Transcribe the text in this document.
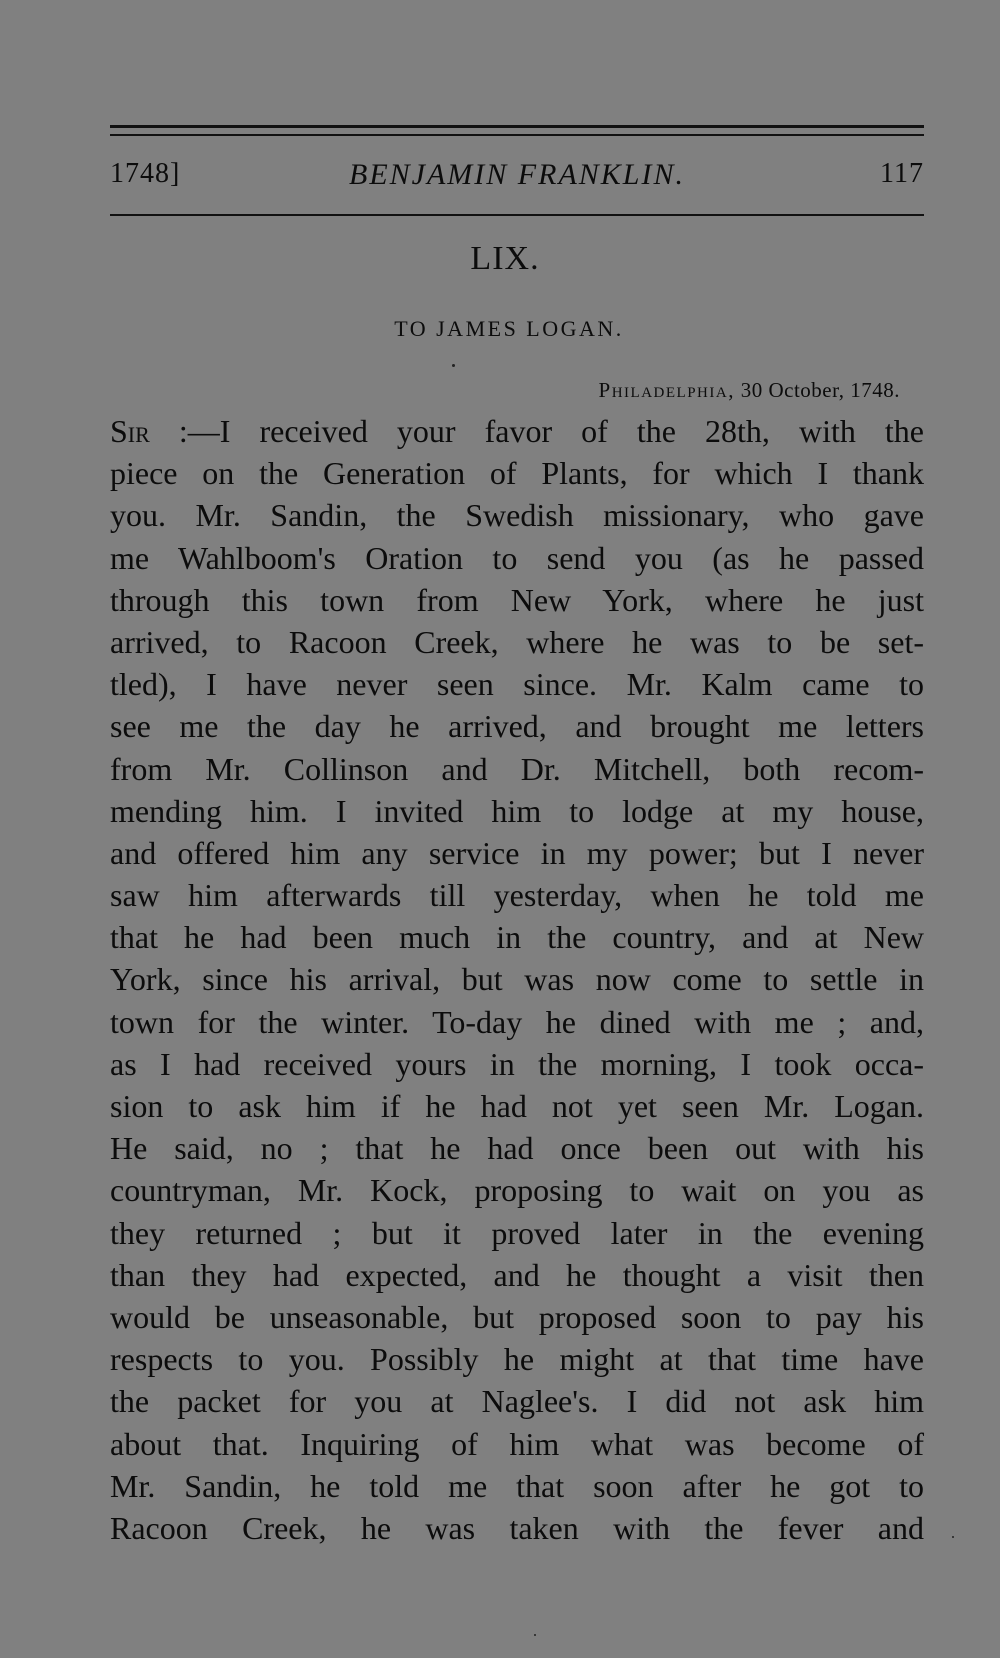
1748]	BENJAMIN FRANKLIN.	117
LIX.
TO JAMES LOGAN.
Philadelphia, 30 October, 1748.
Sir :—I received your favor of the 28th, with the
piece on the Generation of Plants, for which I thank
you. Mr. Sandin, the Swedish missionary, who gave
me Wahlboom's Oration to send you (as he passed
through this town from New York, where he just
arrived, to Racoon Creek, where he was to be set-
tled), I have never seen since. Mr. Kalm came to
see me the day he arrived, and brought me letters
from Mr. Collinson and Dr. Mitchell, both recom-
mending him. I invited him to lodge at my house,
and offered him any service in my power; but I never
saw him afterwards till yesterday, when he told me
that he had been much in the country, and at New
York, since his arrival, but was now come to settle in
town for the winter. To-day he dined with me ; and,
as I had received yours in the morning, I took occa-
sion to ask him if he had not yet seen Mr. Logan.
He said, no ; that he had once been out with his
countryman, Mr. Kock, proposing to wait on you as
they returned ; but it proved later in the evening
than they had expected, and he thought a visit then
would be unseasonable, but proposed soon to pay his
respects to you. Possibly he might at that time have
the packet for you at Naglee's. I did not ask him
about that. Inquiring of him what was become of
Mr. Sandin, he told me that soon after he got to
Racoon Creek, he was taken with the fever and
